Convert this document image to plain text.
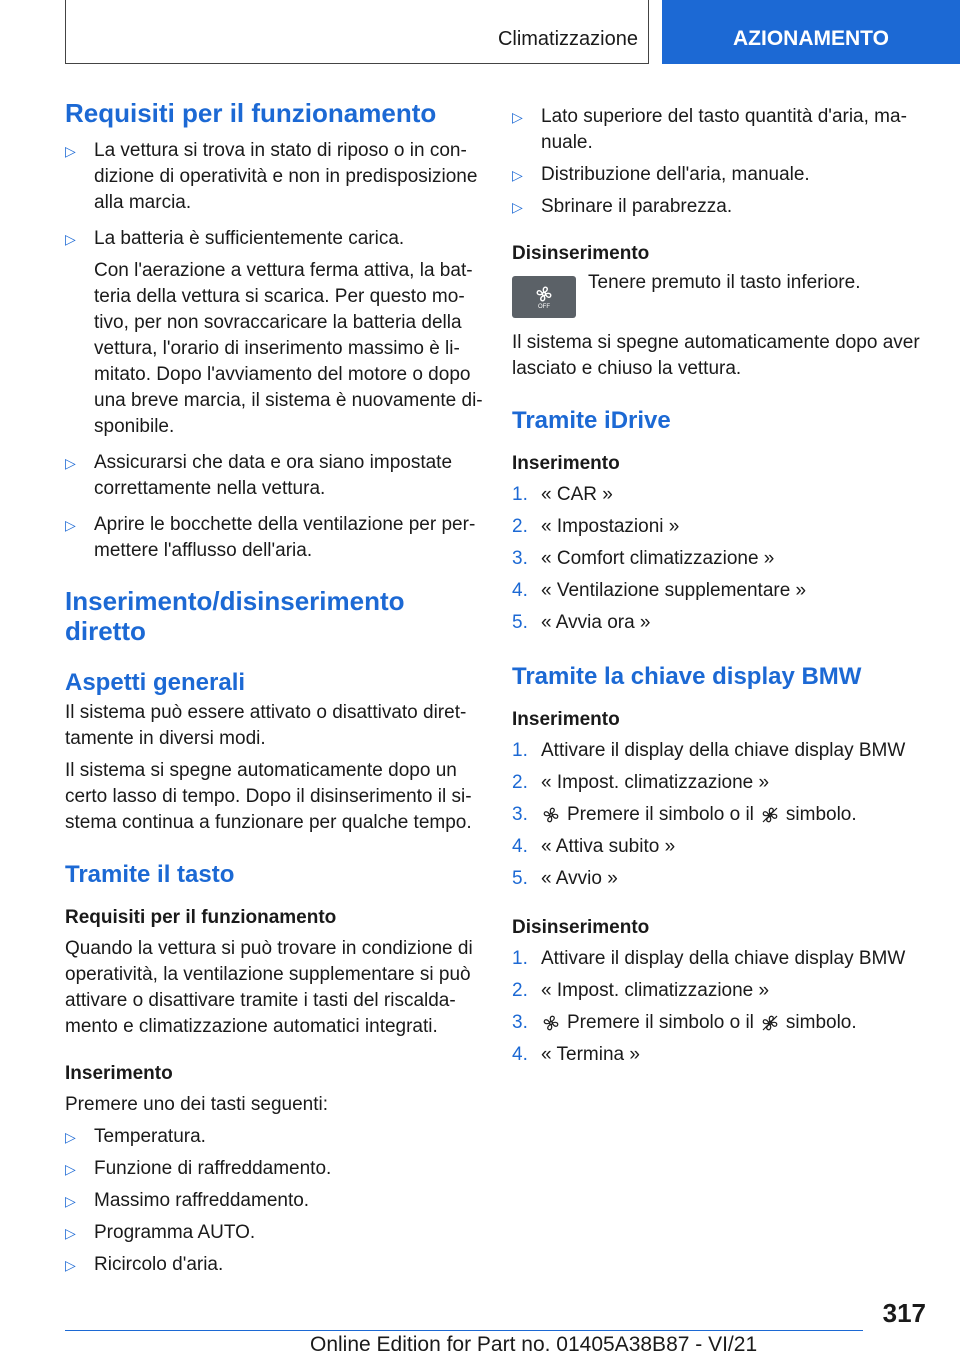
Climatizzazione	AZIONAMENTO
Requisiti per il funzionamento
▷ La vettura si trova in stato di riposo o in con-dizione di operatività e non in predisposizione alla marcia.
▷ La batteria è sufficientemente carica.

Con l'aerazione a vettura ferma attiva, la bat-teria della vettura si scarica. Per questo mo-tivo, per non sovraccaricare la batteria della vettura, l'orario di inserimento massimo è li-mitato. Dopo l'avviamento del motore o dopo una breve marcia, il sistema è nuovamente di-sponibile.

▷ Assicurarsi che data e ora siano impostate correttamente nella vettura.
▷ Aprire le bocchette della ventilazione per per-mettere l'afflusso dell'aria.
Inserimento/disinserimento diretto
Aspetti generali

Il sistema può essere attivato o disattivato diret-tamente in diversi modi.

Il sistema si spegne automaticamente dopo un certo lasso di tempo. Dopo il disinserimento il si-stema continua a funzionare per qualche tempo.

Tramite il tasto
Requisiti per il funzionamento

Quando la vettura si può trovare in condizione di operatività, la ventilazione supplementare si può attivare o disattivare tramite i tasti del riscalda-mento e climatizzazione automatici integrati.

Inserimento

Premere uno dei tasti seguenti:

▷ Temperatura.
▷ Funzione di raffreddamento.
▷ Massimo raffreddamento.
▷ Programma AUTO.
▷ Ricircolo d'aria.
▷ Lato superiore del tasto quantità d'aria, ma-nuale.
▷ Distribuzione dell'aria, manuale.
▷ Sbrinare il parabrezza.
Disinserimento
OFF

Tenere premuto il tasto inferiore.

Il sistema si spegne automaticamente dopo aver lasciato e chiuso la vettura.

Tramite iDrive
Inserimento
1. « CAR »
2. « Impostazioni »
3. « Comfort climatizzazione »
4. « Ventilazione supplementare »
5. « Avvia ora »
Tramite la chiave display BMW
Inserimento
1. Attivare il display della chiave display BMW
2. « Impost. climatizzazione »
3.	Premere il simbolo o il simbolo.
4. « Attiva subito »
5. « Avvio »
Disinserimento
1. Attivare il display della chiave display BMW
2. « Impost. climatizzazione »
3.	Premere il simbolo o il simbolo.
4. « Termina »
317
Online Edition for Part no. 01405A38B87 - VI/21
